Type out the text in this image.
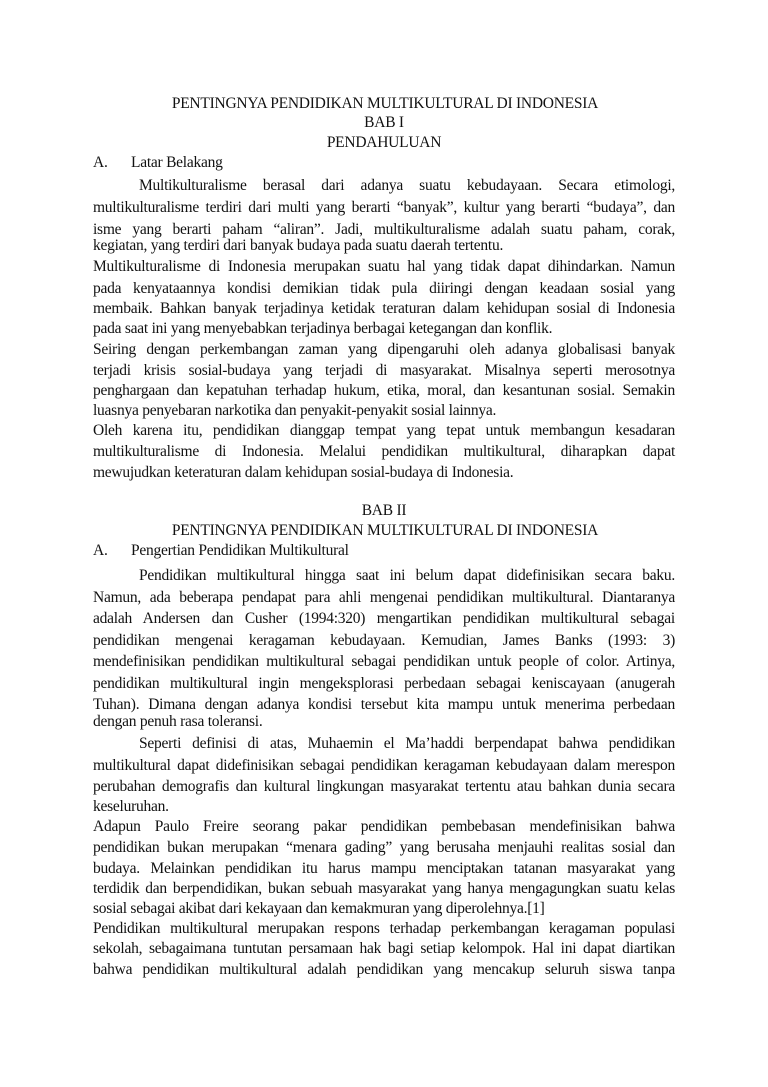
PENTINGNYA PENDIDIKAN MULTIKULTURAL DI INDONESIA
BAB I
PENDAHULUAN
A. Latar Belakang
Multikulturalisme berasal dari adanya suatu kebudayaan. Secara etimologi,
multikulturalisme terdiri dari multi yang berarti “banyak”, kultur yang berarti “budaya”, dan
isme yang berarti paham “aliran”. Jadi, multikulturalisme adalah suatu paham, corak,
kegiatan, yang terdiri dari banyak budaya pada suatu daerah tertentu.
Multikulturalisme di Indonesia merupakan suatu hal yang tidak dapat dihindarkan. Namun
pada kenyataannya kondisi demikian tidak pula diiringi dengan keadaan sosial yang
membaik. Bahkan banyak terjadinya ketidak teraturan dalam kehidupan sosial di Indonesia
pada saat ini yang menyebabkan terjadinya berbagai ketegangan dan konflik.
Seiring dengan perkembangan zaman yang dipengaruhi oleh adanya globalisasi banyak
terjadi krisis sosial-budaya yang terjadi di masyarakat. Misalnya seperti merosotnya
penghargaan dan kepatuhan terhadap hukum, etika, moral, dan kesantunan sosial. Semakin
luasnya penyebaran narkotika dan penyakit-penyakit sosial lainnya.
Oleh karena itu, pendidikan dianggap tempat yang tepat untuk membangun kesadaran
multikulturalisme di Indonesia. Melalui pendidikan multikultural, diharapkan dapat
mewujudkan keteraturan dalam kehidupan sosial-budaya di Indonesia.
BAB II
PENTINGNYA PENDIDIKAN MULTIKULTURAL DI INDONESIA
A. Pengertian Pendidikan Multikultural
Pendidikan multikultural hingga saat ini belum dapat didefinisikan secara baku.
Namun, ada beberapa pendapat para ahli mengenai pendidikan multikultural. Diantaranya
adalah Andersen dan Cusher (1994:320) mengartikan pendidikan multikultural sebagai
pendidikan mengenai keragaman kebudayaan. Kemudian, James Banks (1993: 3)
mendefinisikan pendidikan multikultural sebagai pendidikan untuk people of color. Artinya,
pendidikan multikultural ingin mengeksplorasi perbedaan sebagai keniscayaan (anugerah
Tuhan). Dimana dengan adanya kondisi tersebut kita mampu untuk menerima perbedaan
dengan penuh rasa toleransi.
Seperti definisi di atas, Muhaemin el Ma’haddi berpendapat bahwa pendidikan
multikultural dapat didefinisikan sebagai pendidikan keragaman kebudayaan dalam merespon
perubahan demografis dan kultural lingkungan masyarakat tertentu atau bahkan dunia secara
keseluruhan.
Adapun Paulo Freire seorang pakar pendidikan pembebasan mendefinisikan bahwa
pendidikan bukan merupakan “menara gading” yang berusaha menjauhi realitas sosial dan
budaya. Melainkan pendidikan itu harus mampu menciptakan tatanan masyarakat yang
terdidik dan berpendidikan, bukan sebuah masyarakat yang hanya mengagungkan suatu kelas
sosial sebagai akibat dari kekayaan dan kemakmuran yang diperolehnya.[1]
Pendidikan multikultural merupakan respons terhadap perkembangan keragaman populasi
sekolah, sebagaimana tuntutan persamaan hak bagi setiap kelompok. Hal ini dapat diartikan
bahwa pendidikan multikultural adalah pendidikan yang mencakup seluruh siswa tanpa
